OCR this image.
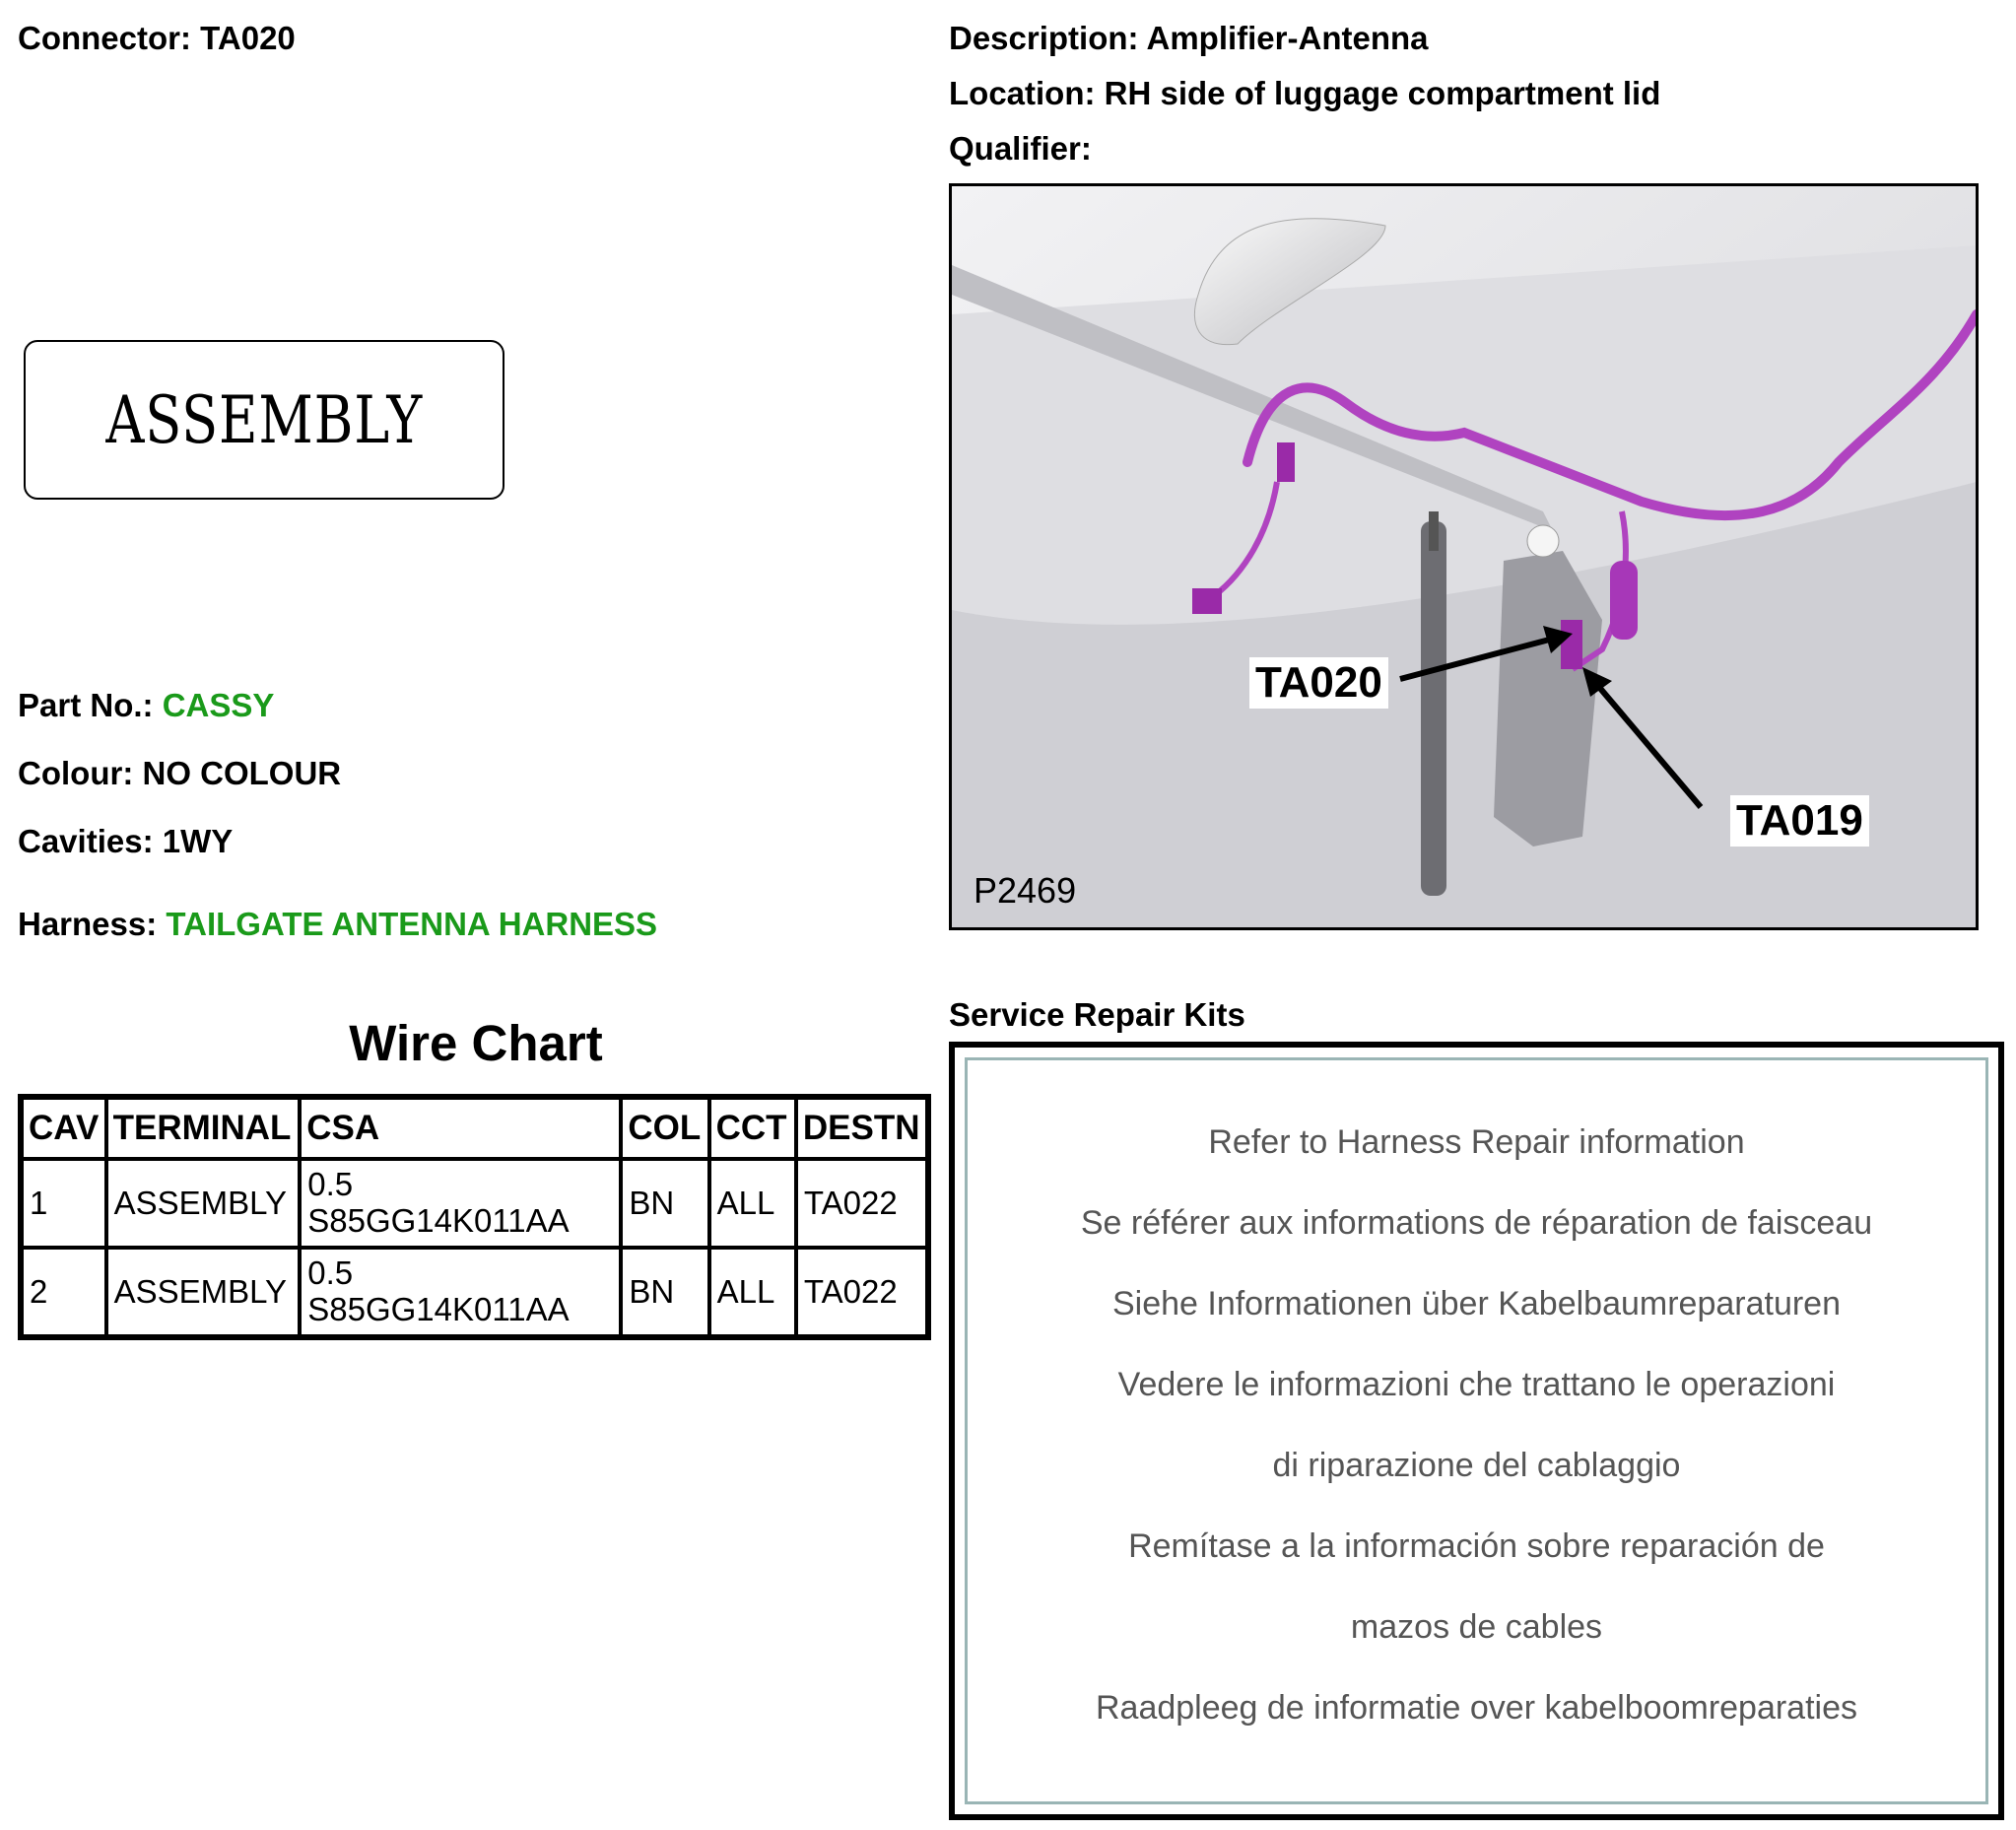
Connector: TA020
ASSEMBLY
Part No.: CASSY
Colour: NO COLOUR
Cavities: 1WY
Harness: TAILGATE ANTENNA HARNESS
Wire Chart
CAV	TERMINAL	CSA	COL	CCT	DESTN
1	ASSEMBLY	0.5
S85GG14K011AA	BN	ALL	TA022
2	ASSEMBLY	0.5
S85GG14K011AA	BN	ALL	TA022
Description: Amplifier-Antenna
Location: RH side of luggage compartment lid
Qualifier:
TA020
TA019
P2469
Service Repair Kits
Refer to Harness Repair information
Se référer aux informations de réparation de faisceau
Siehe Informationen über Kabelbaumreparaturen
Vedere le informazioni che trattano le operazioni
di riparazione del cablaggio
Remítase a la información sobre reparación de
mazos de cables
Raadpleeg de informatie over kabelboomreparaties
